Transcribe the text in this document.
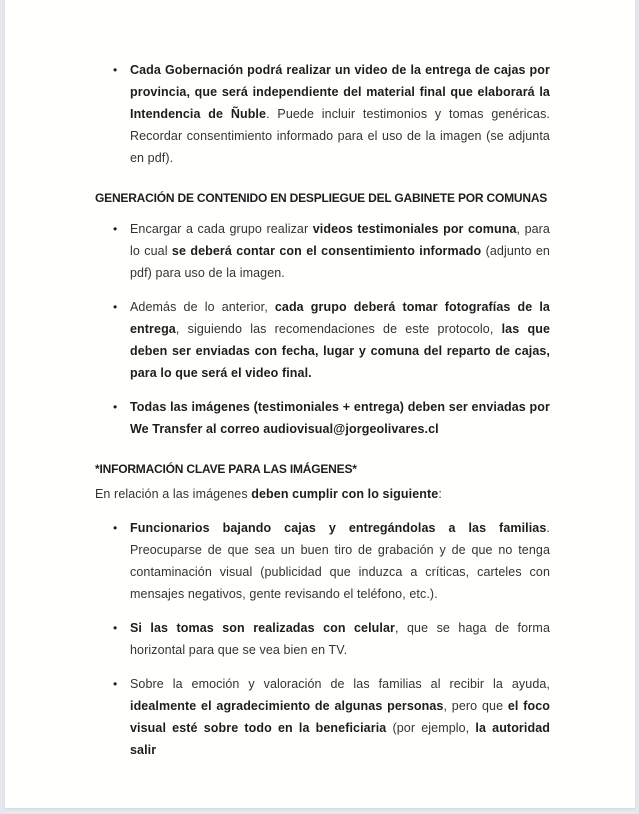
•	Cada Gobernación podrá realizar un video de la entrega de cajas por provincia, que será independiente del material final que elaborará la Intendencia de Ñuble. Puede incluir testimonios y tomas genéricas. Recordar consentimiento informado para el uso de la imagen (se adjunta en pdf).
GENERACIÓN DE CONTENIDO EN DESPLIEGUE DEL GABINETE POR COMUNAS
•	Encargar a cada grupo realizar videos testimoniales por comuna, para lo cual se deberá contar con el consentimiento informado (adjunto en pdf) para uso de la imagen.
•	Además de lo anterior, cada grupo deberá tomar fotografías de la entrega, siguiendo las recomendaciones de este protocolo, las que deben ser enviadas con fecha, lugar y comuna del reparto de cajas, para lo que será el video final.
•	Todas las imágenes (testimoniales + entrega) deben ser enviadas por We Transfer al correo audiovisual@jorgeolivares.cl
*INFORMACIÓN CLAVE PARA LAS IMÁGENES*
En relación a las imágenes deben cumplir con lo siguiente:
•	Funcionarios bajando cajas y entregándolas a las familias. Preocuparse de que sea un buen tiro de grabación y de que no tenga contaminación visual (publicidad que induzca a críticas, carteles con mensajes negativos, gente revisando el teléfono, etc.).
•	Si las tomas son realizadas con celular, que se haga de forma horizontal para que se vea bien en TV.
•	Sobre la emoción y valoración de las familias al recibir la ayuda, idealmente el agradecimiento de algunas personas, pero que el foco visual esté sobre todo en la beneficiaria (por ejemplo, la autoridad salir
